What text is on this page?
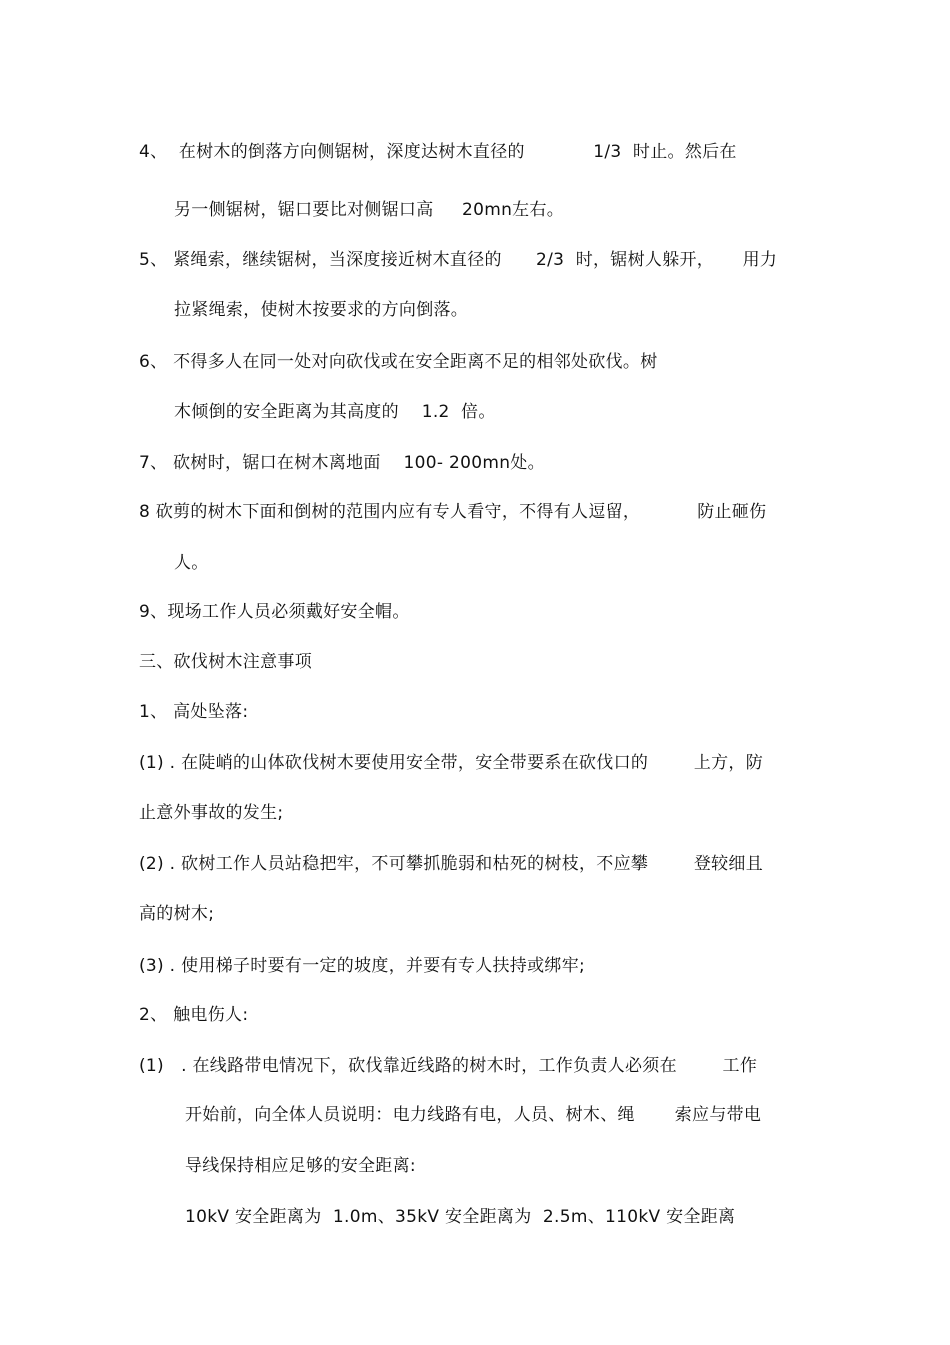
4、  在树木的倒落方向侧锯树，深度达树木直径的            1/3  时止。然后在
另一侧锯树，锯口要比对侧锯口高     20mn左右。
5、 紧绳索，继续锯树，当深度接近树木直径的      2/3  时，锯树人躲开，     用力
拉紧绳索，使树木按要求的方向倒落。
6、 不得多人在同一处对向砍伐或在安全距离不足的相邻处砍伐。树
木倾倒的安全距离为其高度的    1.2  倍。
7、 砍树时，锯口在树木离地面    100- 200mn处。
8 砍剪的树木下面和倒树的范围内应有专人看守，不得有人逗留，          防止砸伤
人。
9、现场工作人员必须戴好安全帽。
三、砍伐树木注意事项
1、 高处坠落:
(1) . 在陡峭的山体砍伐树木要使用安全带，安全带要系在砍伐口的        上方，防
止意外事故的发生;
(2) . 砍树工作人员站稳把牢，不可攀抓脆弱和枯死的树枝，不应攀        登较细且
高的树木;
(3) . 使用梯子时要有一定的坡度，并要有专人扶持或绑牢;
2、 触电伤人:
(1)   . 在线路带电情况下，砍伐靠近线路的树木时，工作负责人必须在        工作
开始前，向全体人员说明：电力线路有电，人员、树木、绳       索应与带电
导线保持相应足够的安全距离:
10kV 安全距离为  1.0m、35kV 安全距离为  2.5m、110kV 安全距离
